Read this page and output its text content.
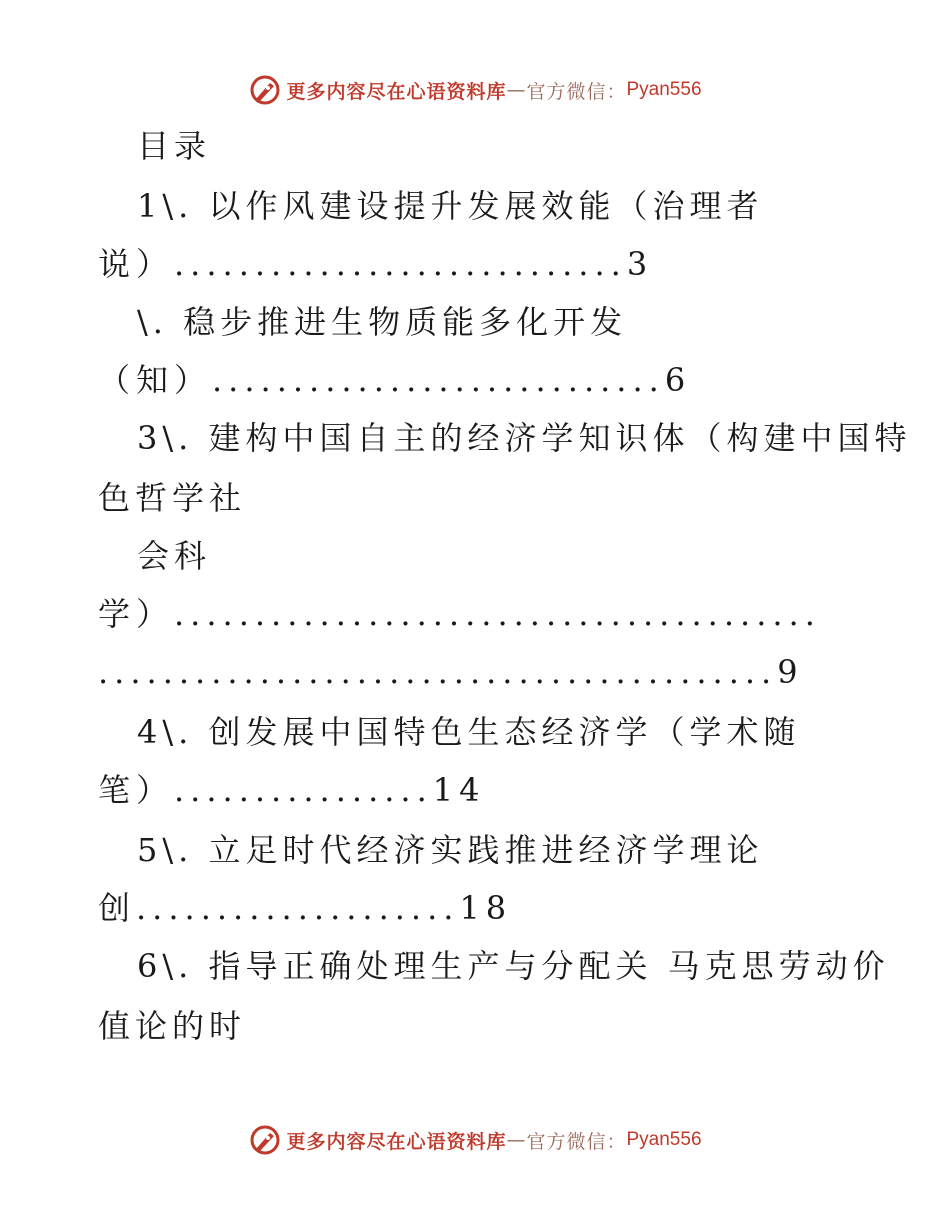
更多内容尽在心语资料库 — 官方微信： Pyan556
目录
1\. 以作风建设提升发展效能（治理者
说）............................3
\. 稳步推进生物质能多化开发
（知）............................6
3\. 建构中国自主的经济学知识体（构建中国特
色哲学社
会科
学）........................................
..........................................9
4\. 创发展中国特色生态经济学（学术随
笔）................14
5\. 立足时代经济实践推进经济学理论
创....................18
6\. 指导正确处理生产与分配关 马克思劳动价
值论的时
更多内容尽在心语资料库 — 官方微信： Pyan556
